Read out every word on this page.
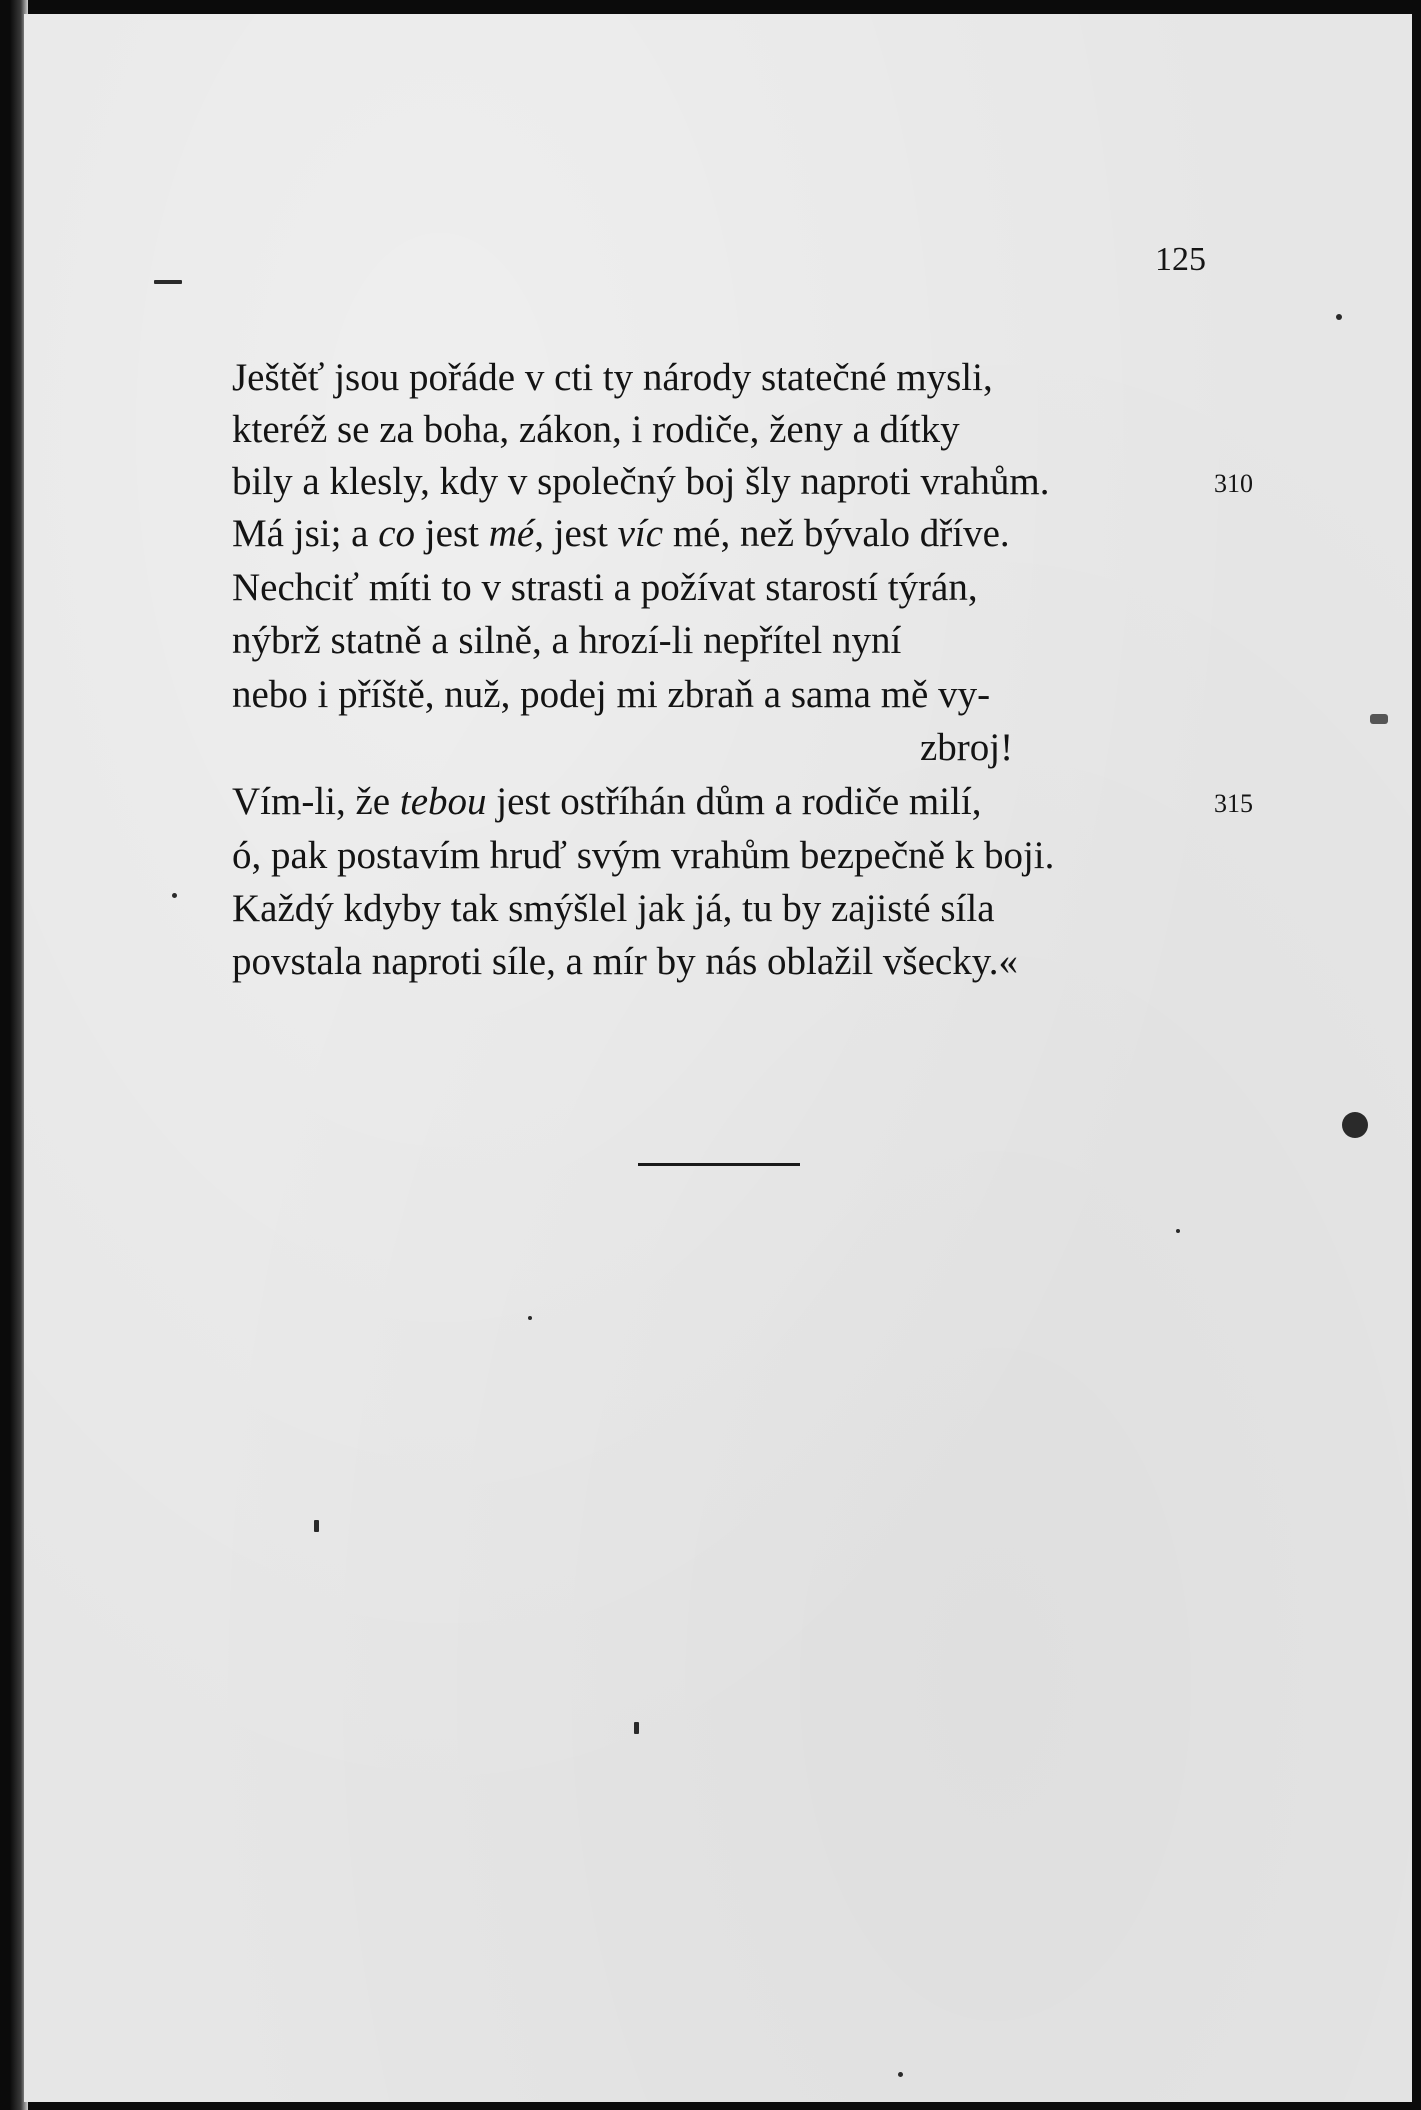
125
Ještěť jsou pořáde v cti ty národy statečné mysli,
kteréž se za boha, zákon, i rodiče, ženy a dítky
bily a klesly, kdy v společný boj šly naproti vrahům.	310
Má jsi; a co jest mé, jest víc mé, než bývalo dříve.
Nechciť míti to v strasti a požívat starostí týrán,
nýbrž statně a silně, a hrozí-li nepřítel nyní
nebo i příště, nuž, podej mi zbraň a sama mě vy-
zbroj!
Vím-li, že tebou jest ostříhán dům a rodiče milí,	315
ó, pak postavím hruď svým vrahům bezpečně k boji.
Každý kdyby tak smýšlel jak já, tu by zajisté síla
povstala naproti síle, a mír by nás oblažil všecky.«
